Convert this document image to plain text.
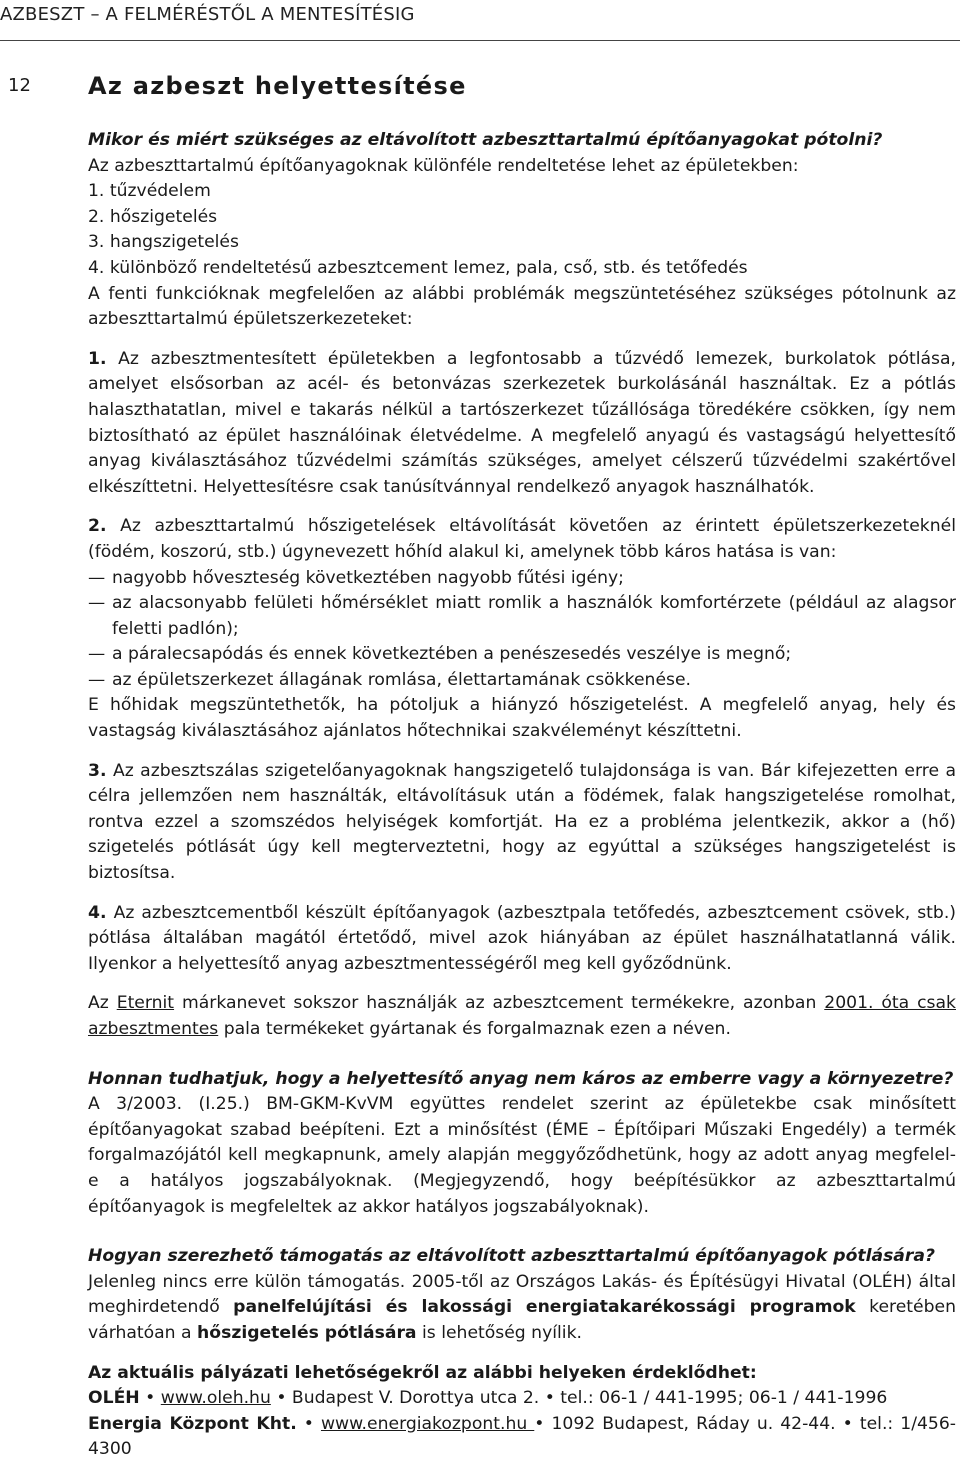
AZBESZT – A FELMÉRÉSTŐL A MENTESÍTÉSIG
12 Az azbeszt helyettesítése

Mikor és miért szükséges az eltávolított azbeszttartalmú építőanyagokat pótolni?

Az azbeszttartalmú építőanyagoknak különféle rendeltetése lehet az épületekben:

1. tűzvédelem
2. hőszigetelés
3. hangszigetelés
4. különböző rendeltetésű azbesztcement lemez, pala, cső, stb. és tetőfedés

A fenti funkcióknak megfelelően az alábbi problémák megszüntetéséhez szükséges pótolnunk az azbeszttartalmú épületszerkezeteket:

1. Az azbesztmentesített épületekben a legfontosabb a tűzvédő lemezek, burkolatok pótlása, amelyet elsősorban az acél- és betonvázas szerkezetek burkolásánál használtak. Ez a pótlás halaszthatatlan, mivel e takarás nélkül a tartószerkezet tűzállósága töredékére csökken, így nem biztosítható az épület használóinak életvédelme. A megfelelő anyagú és vastagságú helyettesítő anyag kiválasztásához tűzvédelmi számítás szükséges, amelyet célszerű tűzvédelmi szakértővel elkészíttetni. Helyettesítésre csak tanúsítvánnyal rendelkező anyagok használhatók.

2. Az azbeszttartalmú hőszigetelések eltávolítását követően az érintett épületszerkezeteknél (födém, koszorú, stb.) úgynevezett hőhíd alakul ki, amelynek több káros hatása is van:

— nagyobb hőveszteség következtében nagyobb fűtési igény;
— az alacsonyabb felületi hőmérséklet miatt romlik a használók komfortérzete (például az alagsor feletti padlón);
— a páralecsapódás és ennek következtében a penészesedés veszélye is megnő;
— az épületszerkezet állagának romlása, élettartamának csökkenése.

E hőhidak megszüntethetők, ha pótoljuk a hiányzó hőszigetelést. A megfelelő anyag, hely és vastagság kiválasztásához ajánlatos hőtechnikai szakvéleményt készíttetni.

3. Az azbesztszálas szigetelőanyagoknak hangszigetelő tulajdonsága is van. Bár kifejezetten erre a célra jellemzően nem használták, eltávolításuk után a födémek, falak hangszigetelése romolhat, rontva ezzel a szomszédos helyiségek komfortját. Ha ez a probléma jelentkezik, akkor a (hő) szigetelés pótlását úgy kell megterveztetni, hogy az egyúttal a szükséges hangszigetelést is biztosítsa.

4. Az azbesztcementből készült építőanyagok (azbesztpala tetőfedés, azbesztcement csövek, stb.) pótlása általában magától értetődő, mivel azok hiányában az épület használhatatlanná válik. Ilyenkor a helyettesítő anyag azbesztmentességéről meg kell győződnünk.

Az Eternit márkanevet sokszor használják az azbesztcement termékekre, azonban 2001. óta csak azbesztmentes pala termékeket gyártanak és forgalmaznak ezen a néven.

Honnan tudhatjuk, hogy a helyettesítő anyag nem káros az emberre vagy a környezetre?

A 3/2003. (I.25.) BM-GKM-KvVM együttes rendelet szerint az épületekbe csak minősített építőanyagokat szabad beépíteni. Ezt a minősítést (ÉME – Építőipari Műszaki Engedély) a termék forgalmazójától kell megkapnunk, amely alapján meggyőződhetünk, hogy az adott anyag megfelel-e a hatályos jogszabályoknak. (Megjegyzendő, hogy beépítésükkor az azbeszttartalmú építőanyagok is megfeleltek az akkor hatályos jogszabályoknak).

Hogyan szerezhető támogatás az eltávolított azbeszttartalmú építőanyagok pótlására?

Jelenleg nincs erre külön támogatás. 2005-től az Országos Lakás- és Építésügyi Hivatal (OLÉH) által meghirdetendő panelfelújítási és lakossági energiatakarékossági programok keretében várhatóan a hőszigetelés pótlására is lehetőség nyílik.

Az aktuális pályázati lehetőségekről az alábbi helyeken érdeklődhet:

OLÉH • www.oleh.hu • Budapest V. Dorottya utca 2. • tel.: 06-1 / 441-1995; 06-1 / 441-1996

Energia Központ Kht. • www.energiakozpont.hu • 1092 Budapest, Ráday u. 42-44. • tel.: 1/456-4300
